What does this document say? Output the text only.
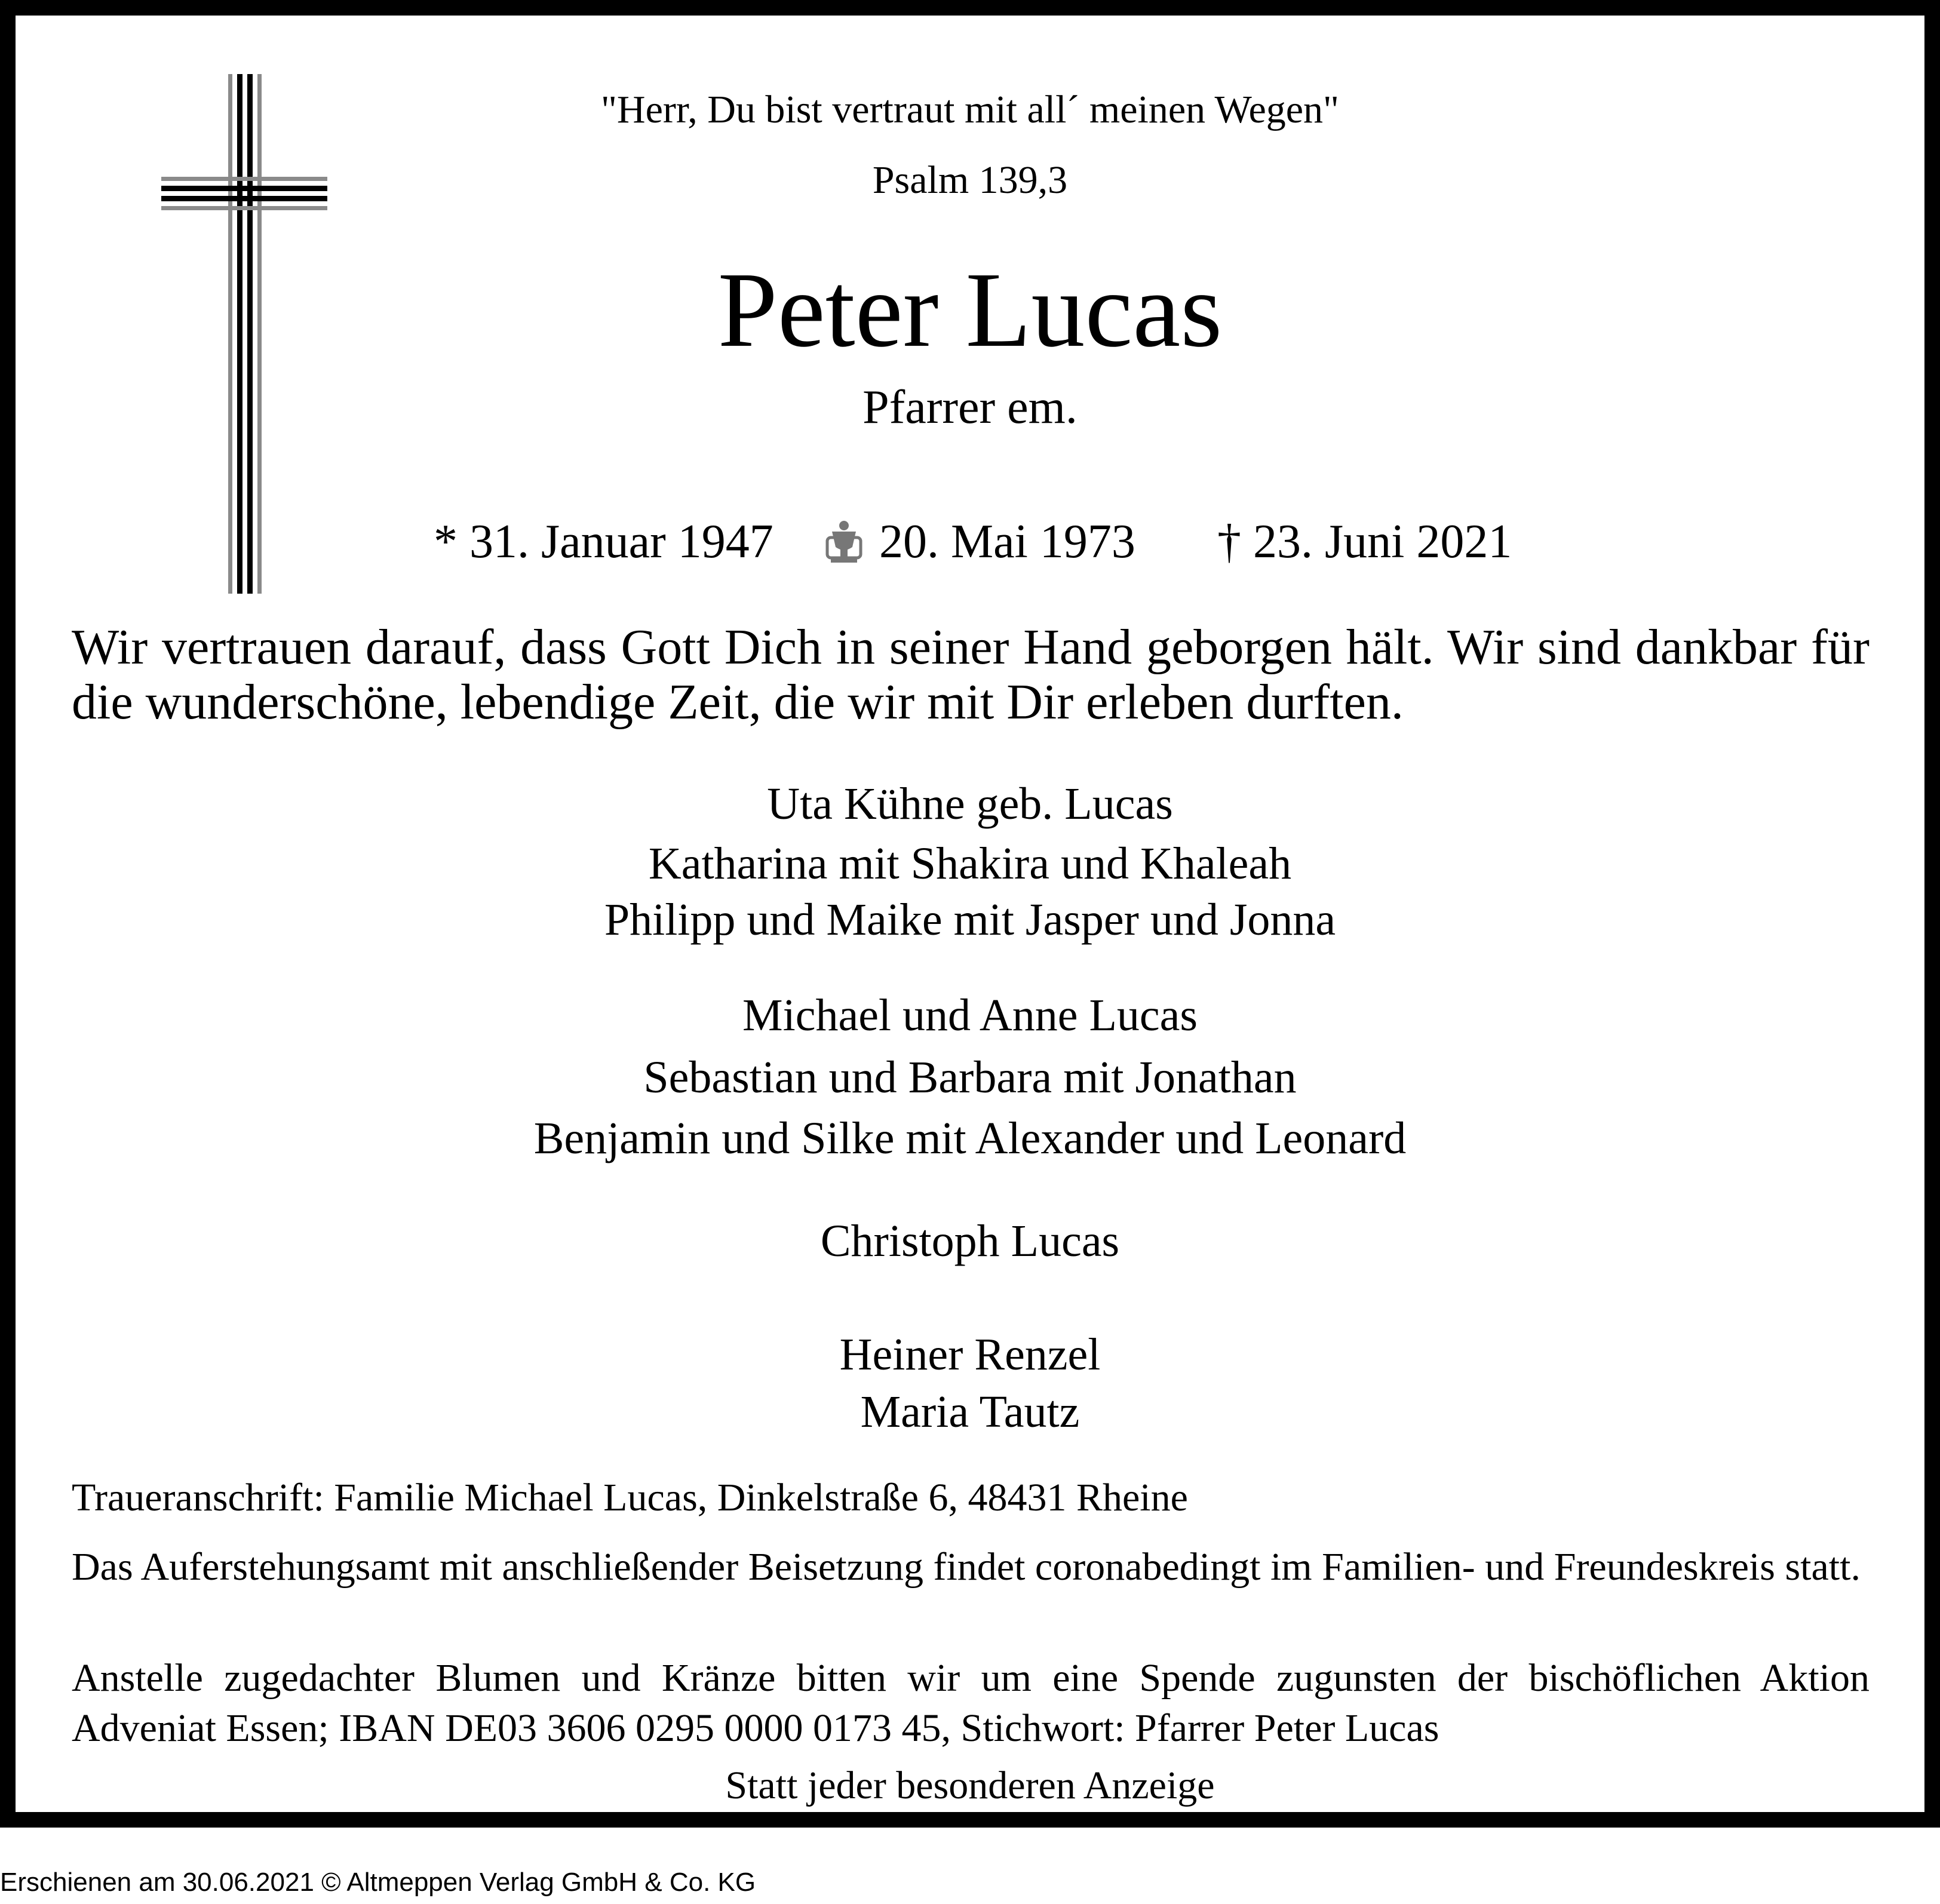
"Herr, Du bist vertraut mit all´ meinen Wegen"

Psalm 139,3

Peter Lucas

Pfarrer em.

* 31. Januar 1947 20. Mai 1973 † 23. Juni 2021

Wir vertrauen darauf, dass Gott Dich in seiner Hand geborgen hält. Wir sind dankbar für die wunderschöne, lebendige Zeit, die wir mit Dir erleben durften.

Uta Kühne geb. Lucas

Katharina mit Shakira und Khaleah

Philipp und Maike mit Jasper und Jonna

Michael und Anne Lucas

Sebastian und Barbara mit Jonathan

Benjamin und Silke mit Alexander und Leonard

Christoph Lucas

Heiner Renzel

Maria Tautz

Traueranschrift: Familie Michael Lucas, Dinkelstraße 6, 48431 Rheine

Das Auferstehungsamt mit anschließender Beisetzung findet coronabedingt im Familien- und Freundeskreis statt.

Anstelle zugedachter Blumen und Kränze bitten wir um eine Spende zugunsten der bischöflichen Aktion Adveniat Essen; IBAN DE03 3606 0295 0000 0173 45, Stichwort: Pfarrer Peter Lucas

Statt jeder besonderen Anzeige

Erschienen am 30.06.2021 © Altmeppen Verlag GmbH & Co. KG
